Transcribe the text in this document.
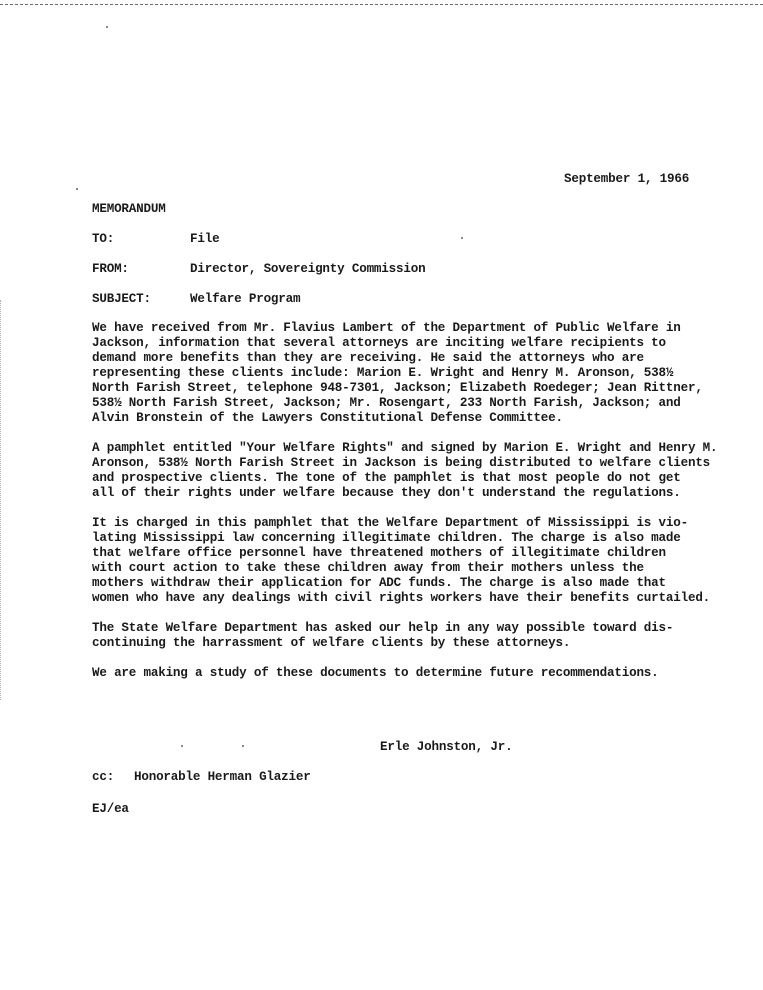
September 1, 1966

MEMORANDUM

TO:	File
FROM:	Director, Sovereignty Commission
SUBJECT:	Welfare Program
We have received from Mr. Flavius Lambert of the Department of Public Welfare in
Jackson, information that several attorneys are inciting welfare recipients to
demand more benefits than they are receiving. He said the attorneys who are
representing these clients include: Marion E. Wright and Henry M. Aronson, 538½
North Farish Street, telephone 948-7301, Jackson; Elizabeth Roedeger; Jean Rittner,
538½ North Farish Street, Jackson; Mr. Rosengart, 233 North Farish, Jackson; and
Alvin Bronstein of the Lawyers Constitutional Defense Committee.
A pamphlet entitled "Your Welfare Rights" and signed by Marion E. Wright and Henry M.
Aronson, 538½ North Farish Street in Jackson is being distributed to welfare clients
and prospective clients. The tone of the pamphlet is that most people do not get
all of their rights under welfare because they don't understand the regulations.
It is charged in this pamphlet that the Welfare Department of Mississippi is vio-
lating Mississippi law concerning illegitimate children. The charge is also made
that welfare office personnel have threatened mothers of illegitimate children
with court action to take these children away from their mothers unless the
mothers withdraw their application for ADC funds. The charge is also made that
women who have any dealings with civil rights workers have their benefits curtailed.
The State Welfare Department has asked our help in any way possible toward dis-
continuing the harrassment of welfare clients by these attorneys.
We are making a study of these documents to determine future recommendations.

Erle Johnston, Jr.

cc: Honorable Herman Glazier

EJ/ea
